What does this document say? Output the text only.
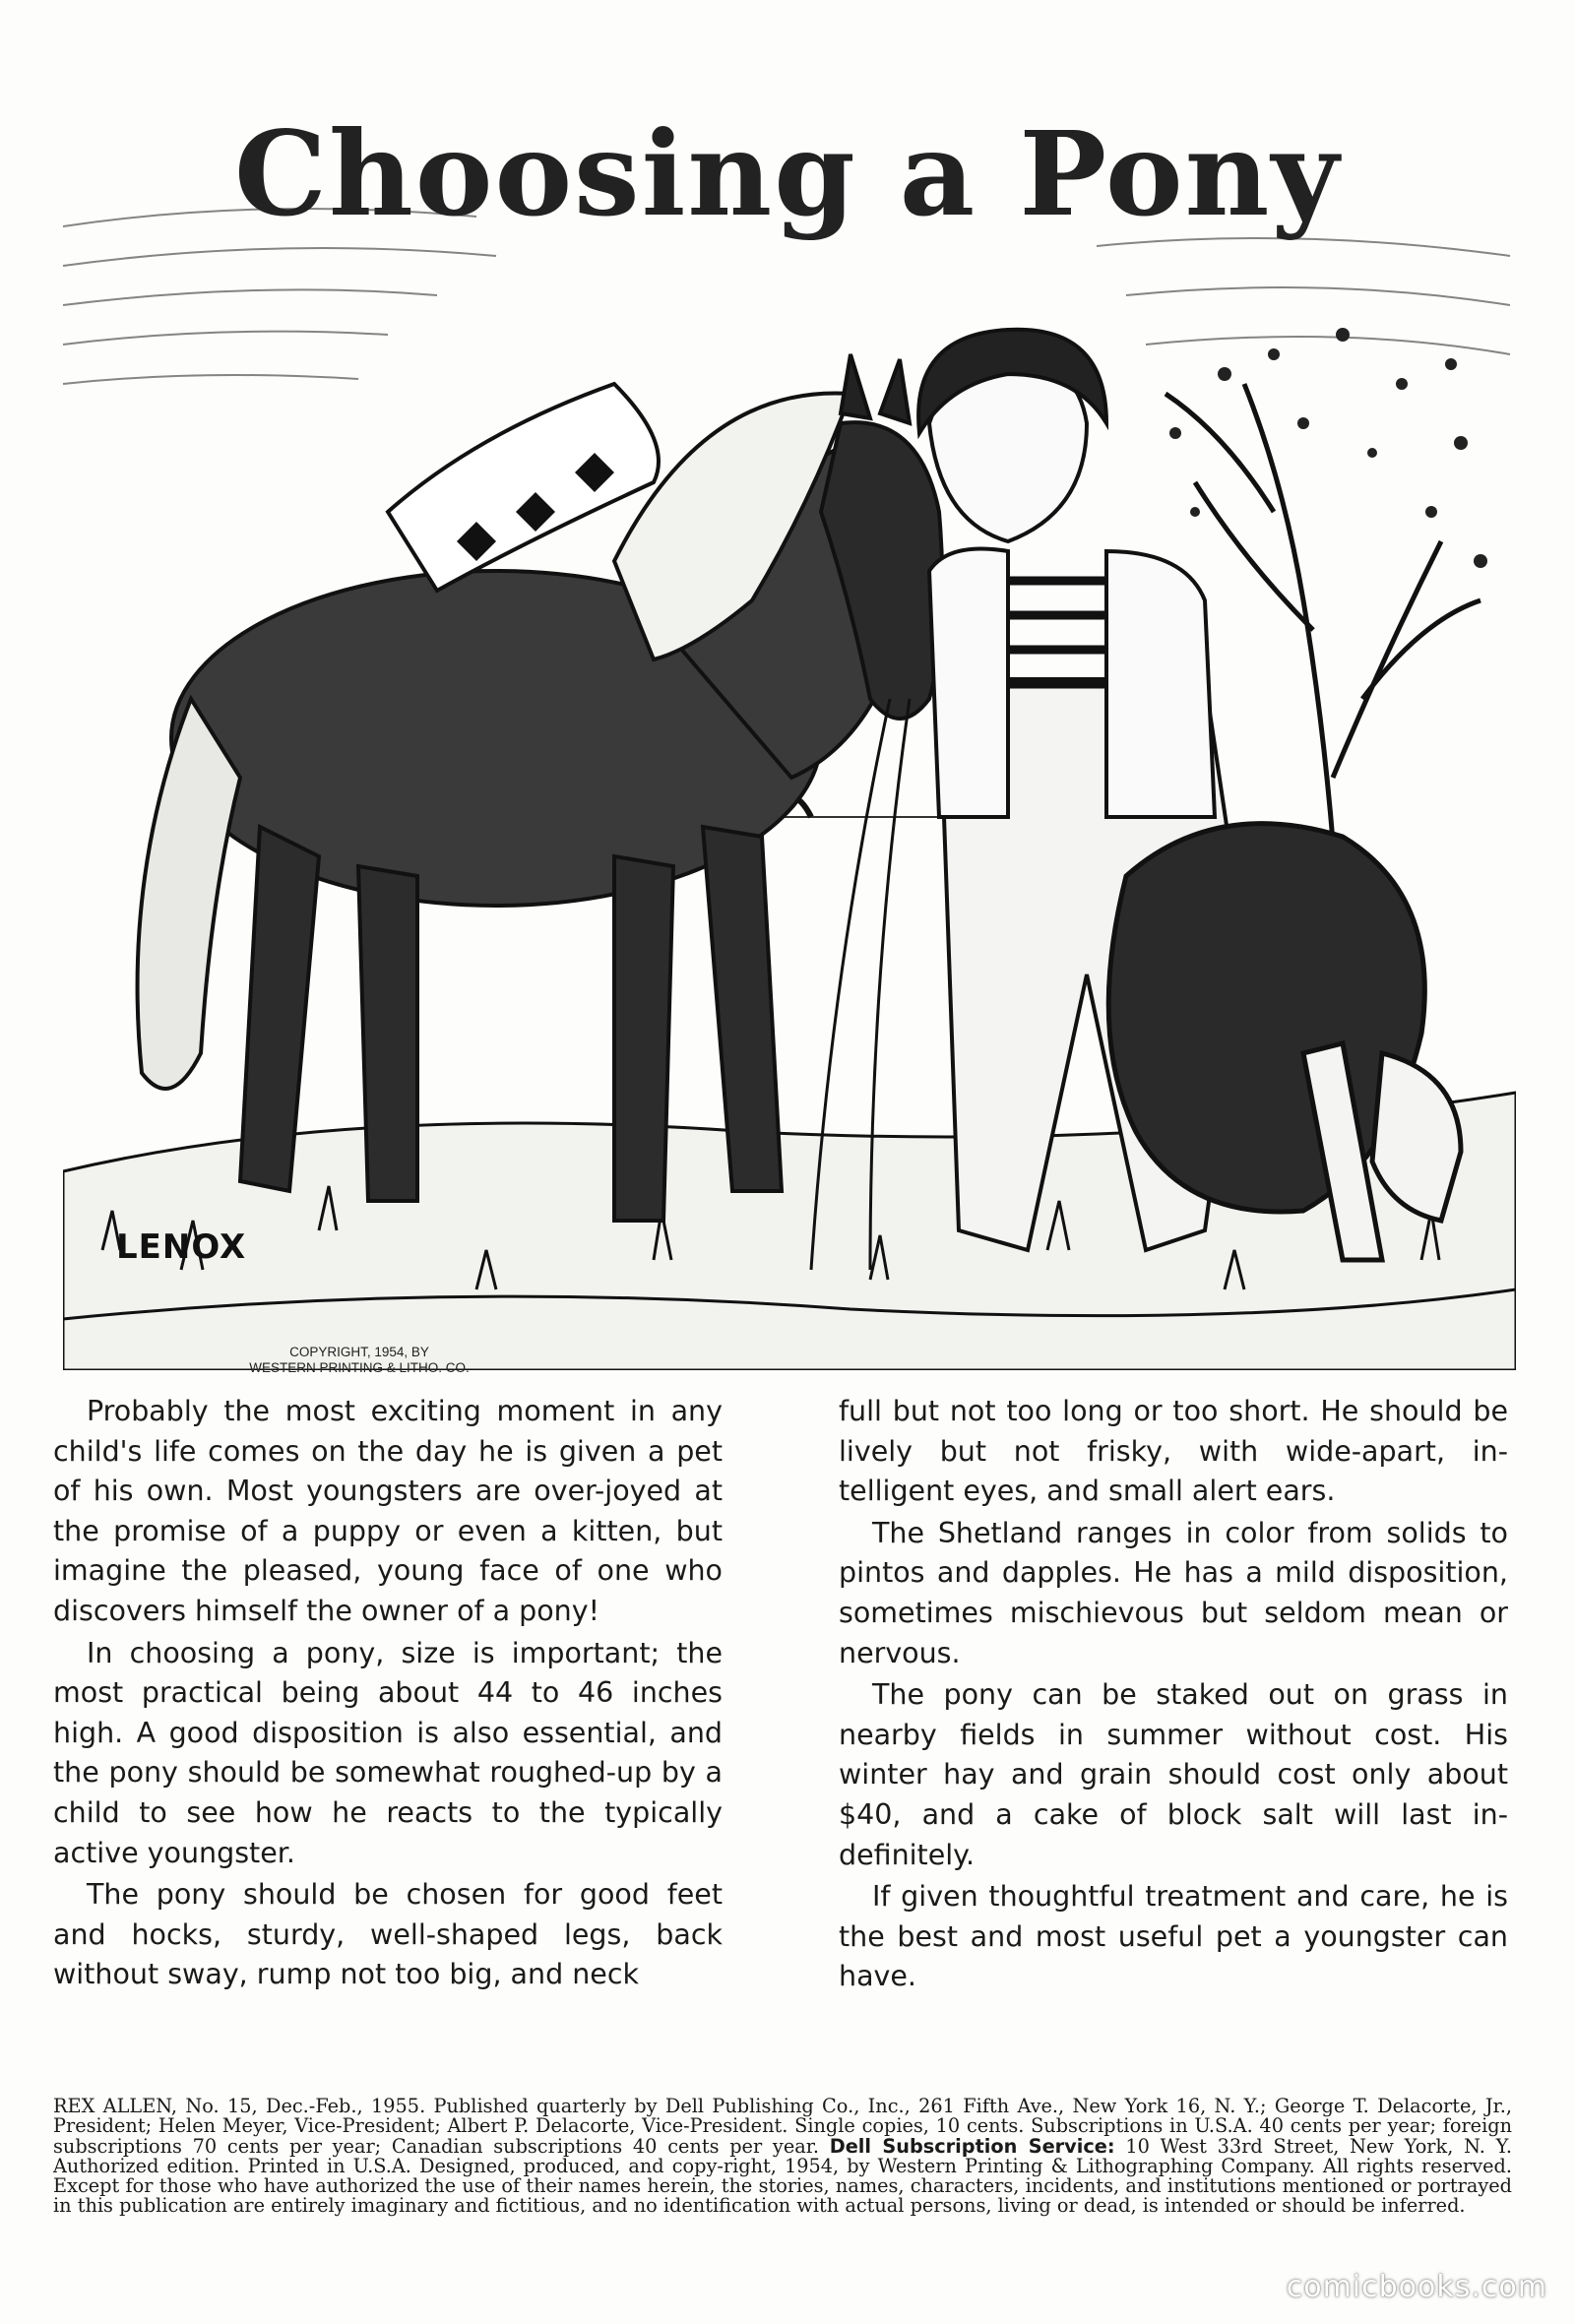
Choosing a Pony
LENOX
COPYRIGHT, 1954, BY
WESTERN PRINTING & LITHO. CO.

Probably the most exciting moment in any child's life comes on the day he is given a pet of his own. Most youngsters are over-joyed at the promise of a puppy or even a kitten, but imagine the pleased, young face of one who discovers himself the owner of a pony!

In choosing a pony, size is important; the most practical being about 44 to 46 inches high. A good disposition is also essential, and the pony should be somewhat roughed-up by a child to see how he reacts to the typically active youngster.

The pony should be chosen for good feet and hocks, sturdy, well-shaped legs, back without sway, rump not too big, and neck

full but not too long or too short. He should be lively but not frisky, with wide-apart, in-telligent eyes, and small alert ears.

The Shetland ranges in color from solids to pintos and dapples. He has a mild disposition, sometimes mischievous but seldom mean or nervous.

The pony can be staked out on grass in nearby fields in summer without cost. His winter hay and grain should cost only about $40, and a cake of block salt will last in-definitely.

If given thoughtful treatment and care, he is the best and most useful pet a youngster can have.

REX ALLEN, No. 15, Dec.-Feb., 1955. Published quarterly by Dell Publishing Co., Inc., 261 Fifth Ave., New York 16, N. Y.; George T. Delacorte, Jr., President; Helen Meyer, Vice-President; Albert P. Delacorte, Vice-President. Single copies, 10 cents. Subscriptions in U.S.A. 40 cents per year; foreign subscriptions 70 cents per year; Canadian subscriptions 40 cents per year. Dell Subscription Service: 10 West 33rd Street, New York, N. Y. Authorized edition. Printed in U.S.A. Designed, produced, and copy-right, 1954, by Western Printing & Lithographing Company. All rights reserved. Except for those who have authorized the use of their names herein, the stories, names, characters, incidents, and institutions mentioned or portrayed in this publication are entirely imaginary and fictitious, and no identification with actual persons, living or dead, is intended or should be inferred.
comicbooks.com
